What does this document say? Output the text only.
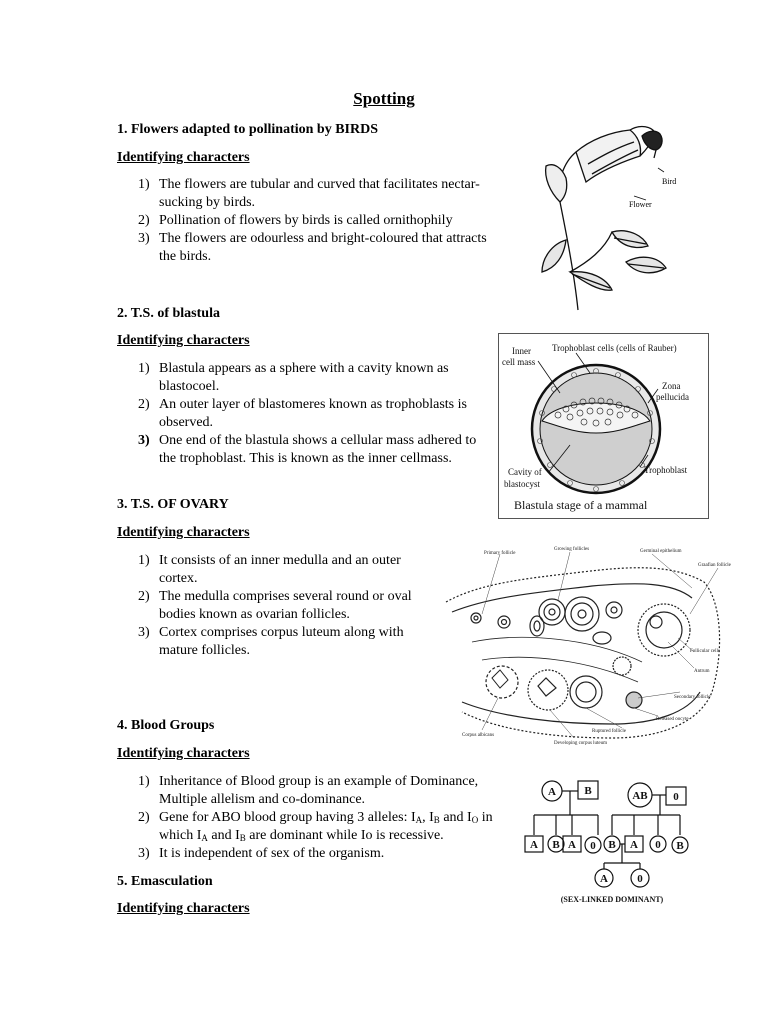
Spotting
1. Flowers adapted to pollination by BIRDS
Identifying characters
1) The flowers are tubular and curved that facilitates nectar-sucking by birds.
2) Pollination of flowers by birds is called ornithophily
3) The flowers are odourless and bright-coloured that attracts the birds.
Bird
Flower
2. T.S. of blastula
Identifying characters
1) Blastula appears as a sphere with a cavity known as blastocoel.
2) An outer layer of blastomeres known as trophoblasts is observed.
3) One end of the blastula shows a cellular mass adhered to the trophoblast. This is known as the inner cellmass.
Inner
cell mass
Trophoblast cells (cells of Rauber)
Zona
pellucida
Cavity of
blastocyst
Trophoblast
Blastula stage of a mammal
3. T.S. OF OVARY
Identifying characters
1) It consists of an inner medulla and an outer cortex.
2) The medulla comprises several round or oval bodies known as ovarian follicles.
3) Cortex comprises corpus luteum along with mature follicles.
Primary follicle
Growing follicles	Germinal epithelium
Graafian follicle
Follicular cells
Antrum
Secondary follicle
Released oocyte
Ruptured follicle
Developing corpus luteum
Corpus albicans
4. Blood Groups
Identifying characters
1) Inheritance of Blood group is an example of Dominance, Multiple allelism and co-dominance.
2) Gene for ABO blood group having 3 alleles: $I_A$, $I_B$ and $I_O$ in which $I_A$ and $I_B$ are dominant while Io is recessive.
3) It is independent of sex of the organism.
A	B	AB 0
A B A 0 B A 0 B
A	0
(SEX-LINKED DOMINANT)
5. Emasculation
Identifying characters
